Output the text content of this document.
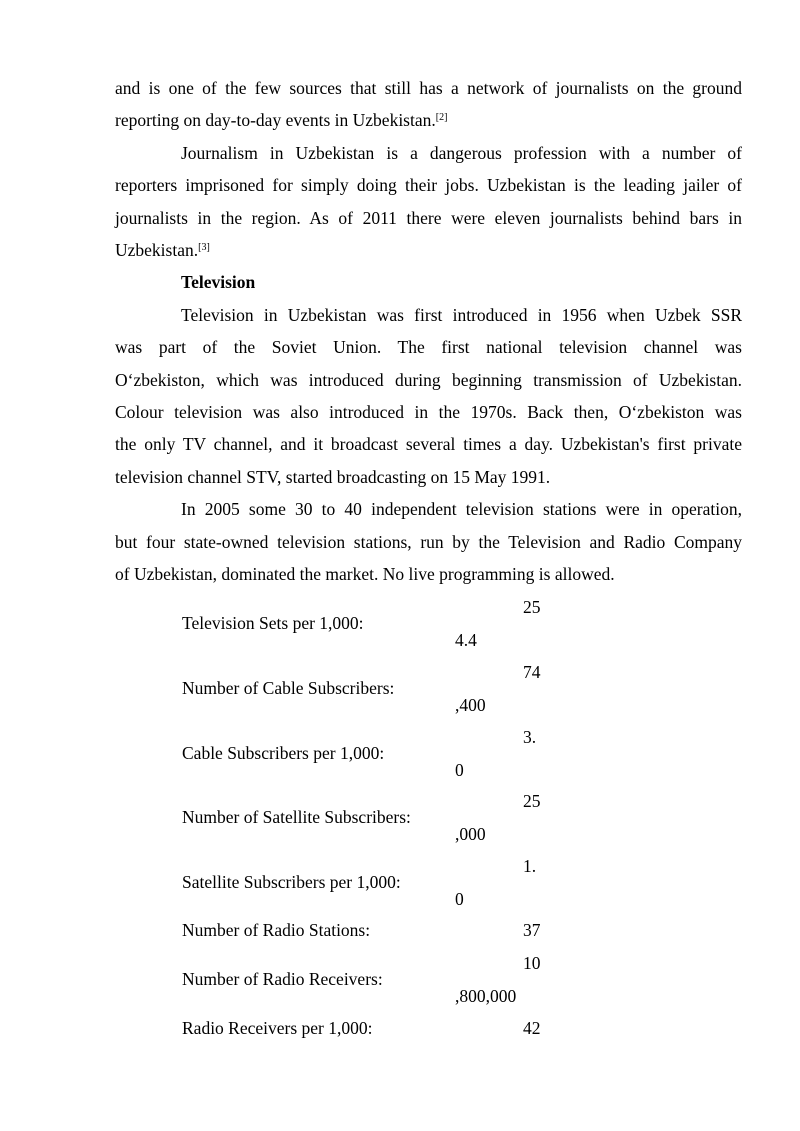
and is one of the few sources that still has a network of journalists on the ground
reporting on day-to-day events in Uzbekistan.[2]
Journalism in Uzbekistan is a dangerous profession with a number of
reporters imprisoned for simply doing their jobs. Uzbekistan is the leading jailer of
journalists in the region. As of 2011 there were eleven journalists behind bars in
Uzbekistan.[3]
Television
Television in Uzbekistan was first introduced in 1956 when Uzbek SSR
was part of the Soviet Union. The first national television channel was
O‘zbekiston, which was introduced during beginning transmission of Uzbekistan.
Colour television was also introduced in the 1970s. Back then, O‘zbekiston was
the only TV channel, and it broadcast several times a day. Uzbekistan's first private
television channel STV, started broadcasting on 15 May 1991.
In 2005 some 30 to 40 independent television stations were in operation,
but four state-owned television stations, run by the Television and Radio Company
of Uzbekistan, dominated the market. No live programming is allowed.
25
Television Sets per 1,000:
4.4
74
Number of Cable Subscribers:
,400
3.
Cable Subscribers per 1,000:
0
25
Number of Satellite Subscribers:
,000
1.
Satellite Subscribers per 1,000:
0
Number of Radio Stations:	37
10
Number of Radio Receivers:
,800,000
Radio Receivers per 1,000:	42
